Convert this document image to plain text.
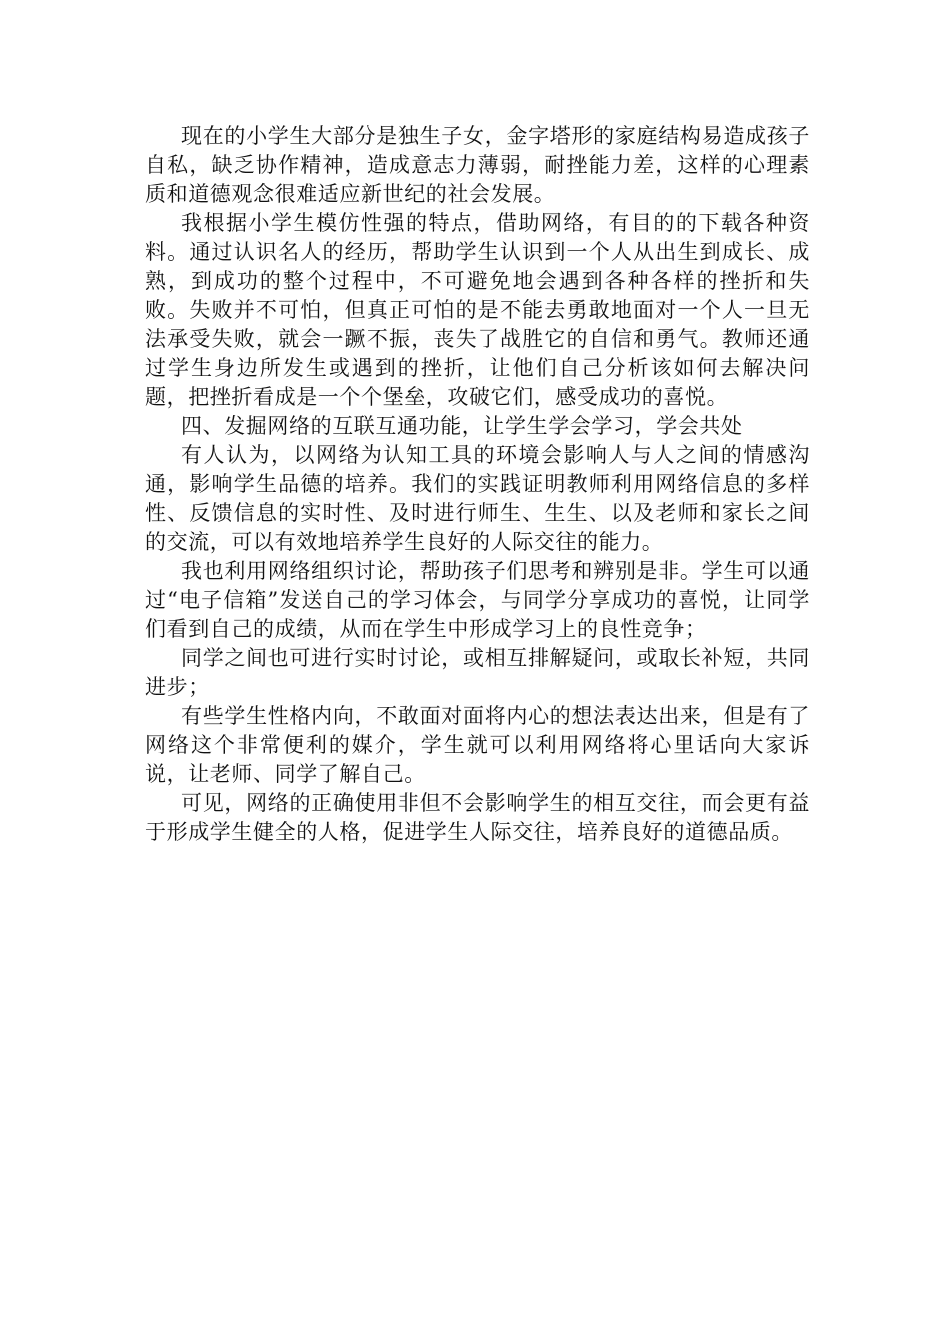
现在的小学生大部分是独生子女，金字塔形的家庭结构易造成孩子自私，缺乏协作精神，造成意志力薄弱，耐挫能力差，这样的心理素质和道德观念很难适应新世纪的社会发展。

我根据小学生模仿性强的特点，借助网络，有目的的下载各种资料。通过认识名人的经历，帮助学生认识到一个人从出生到成长、成熟，到成功的整个过程中，不可避免地会遇到各种各样的挫折和失败。失败并不可怕，但真正可怕的是不能去勇敢地面对一个人一旦无法承受失败，就会一蹶不振，丧失了战胜它的自信和勇气。教师还通过学生身边所发生或遇到的挫折，让他们自己分析该如何去解决问题，把挫折看成是一个个堡垒，攻破它们，感受成功的喜悦。

四、发掘网络的互联互通功能，让学生学会学习，学会共处

有人认为，以网络为认知工具的环境会影响人与人之间的情感沟通，影响学生品德的培养。我们的实践证明教师利用网络信息的多样性、反馈信息的实时性、及时进行师生、生生、以及老师和家长之间的交流，可以有效地培养学生良好的人际交往的能力。

我也利用网络组织讨论，帮助孩子们思考和辨别是非。学生可以通过“电子信箱”发送自己的学习体会，与同学分享成功的喜悦，让同学们看到自己的成绩，从而在学生中形成学习上的良性竞争；

同学之间也可进行实时讨论，或相互排解疑问，或取长补短，共同进步；

有些学生性格内向，不敢面对面将内心的想法表达出来，但是有了网络这个非常便利的媒介，学生就可以利用网络将心里话向大家诉说，让老师、同学了解自己。

可见，网络的正确使用非但不会影响学生的相互交往，而会更有益于形成学生健全的人格，促进学生人际交往，培养良好的道德品质。
